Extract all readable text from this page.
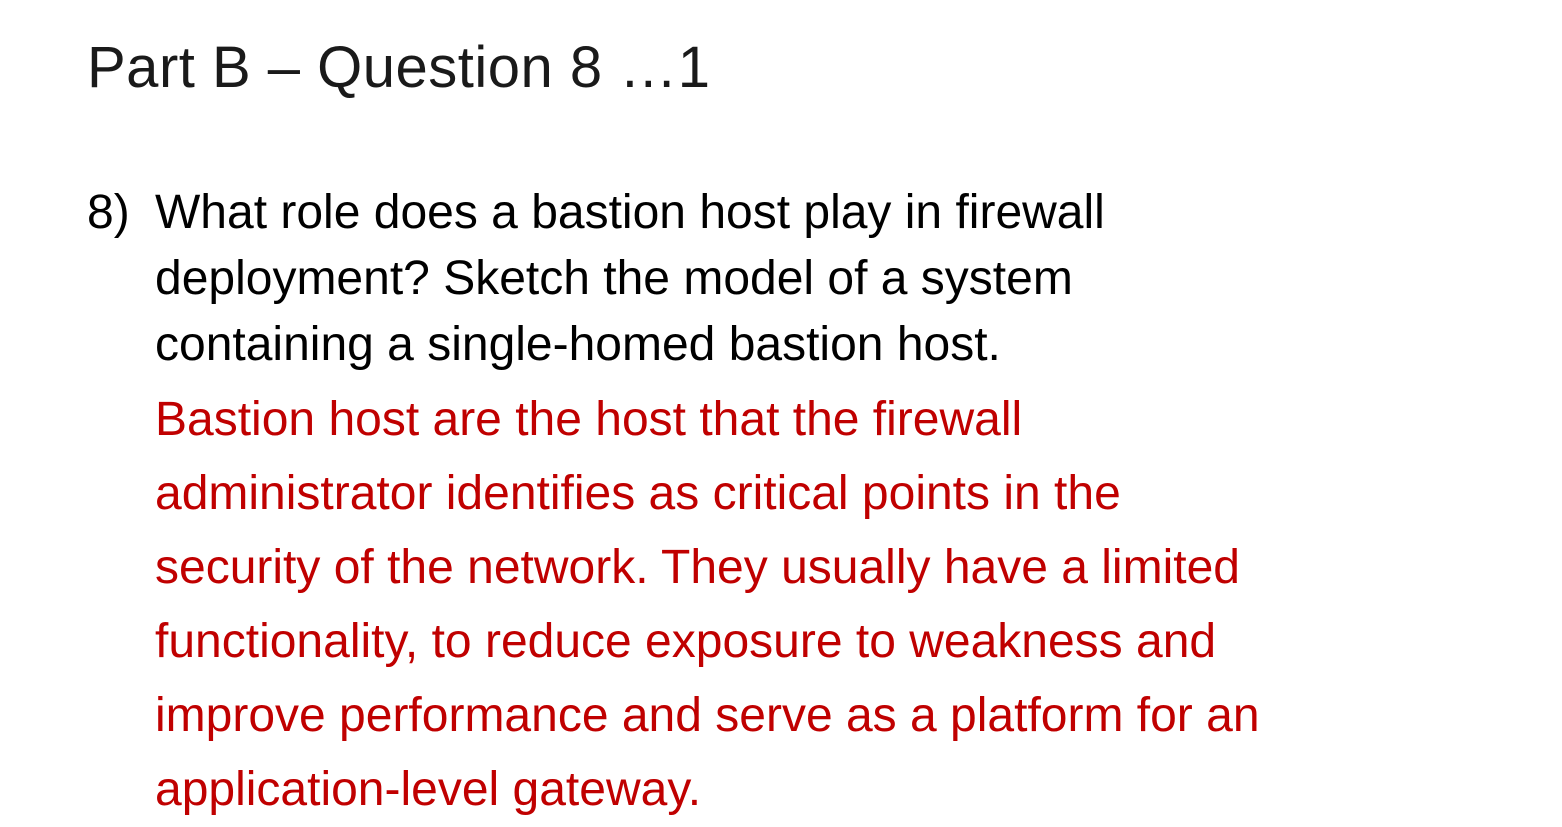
Part B – Question 8 …1
8) What role does a bastion host play in firewall
deployment? Sketch the model of a system
containing a single-homed bastion host.
Bastion host are the host that the firewall
administrator identifies as critical points in the
security of the network. They usually have a limited
functionality, to reduce exposure to weakness and
improve performance and serve as a platform for an
application-level gateway.
